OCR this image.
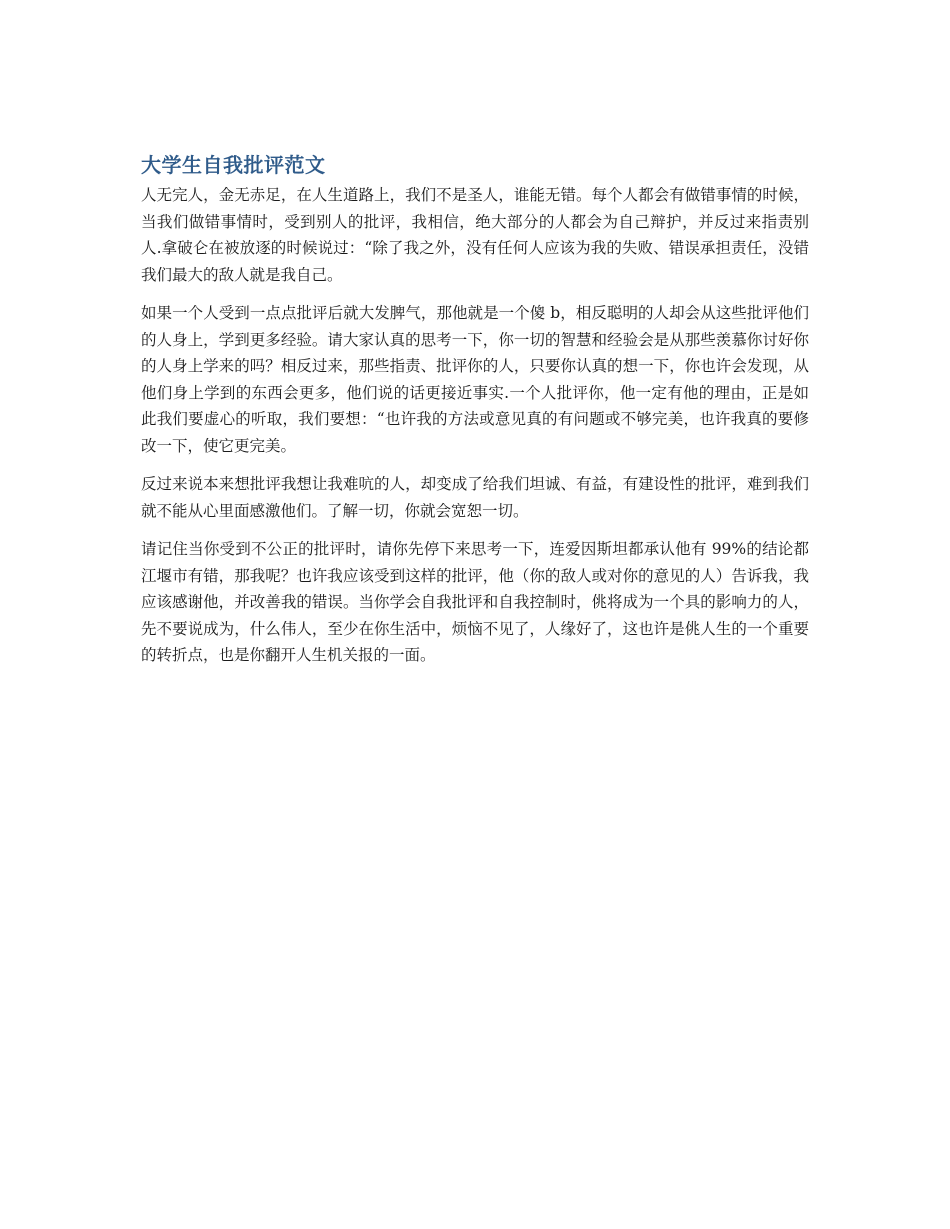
大学生自我批评范文

人无完人，金无赤足，在人生道路上，我们不是圣人，谁能无错。每个人都会有做错事情的时候，当我们做错事情时，受到别人的批评，我相信，绝大部分的人都会为自己辩护，并反过来指责别人.拿破仑在被放逐的时候说过：“除了我之外，没有任何人应该为我的失败、错误承担责任，没错我们最大的敌人就是我自己。

如果一个人受到一点点批评后就大发脾气，那他就是一个傻 b，相反聪明的人却会从这些批评他们的人身上，学到更多经验。请大家认真的思考一下，你一切的智慧和经验会是从那些羡慕你讨好你的人身上学来的吗？相反过来，那些指责、批评你的人，只要你认真的想一下，你也许会发现，从他们身上学到的东西会更多，他们说的话更接近事实.一个人批评你，他一定有他的理由，正是如此我们要虚心的听取，我们要想：“也许我的方法或意见真的有问题或不够完美，也许我真的要修改一下，使它更完美。

反过来说本来想批评我想让我难吭的人，却变成了给我们坦诚、有益，有建设性的批评，难到我们就不能从心里面感激他们。了解一切，你就会宽恕一切。

请记住当你受到不公正的批评时，请你先停下来思考一下，连爱因斯坦都承认他有 99%的结论都江堰市有错，那我呢？也许我应该受到这样的批评，他（你的敌人或对你的意见的人）告诉我，我应该感谢他，并改善我的错误。当你学会自我批评和自我控制时，佻将成为一个具的影响力的人，先不要说成为，什么伟人，至少在你生活中，烦恼不见了，人缘好了，这也许是佻人生的一个重要的转折点，也是你翻开人生机关报的一面。
